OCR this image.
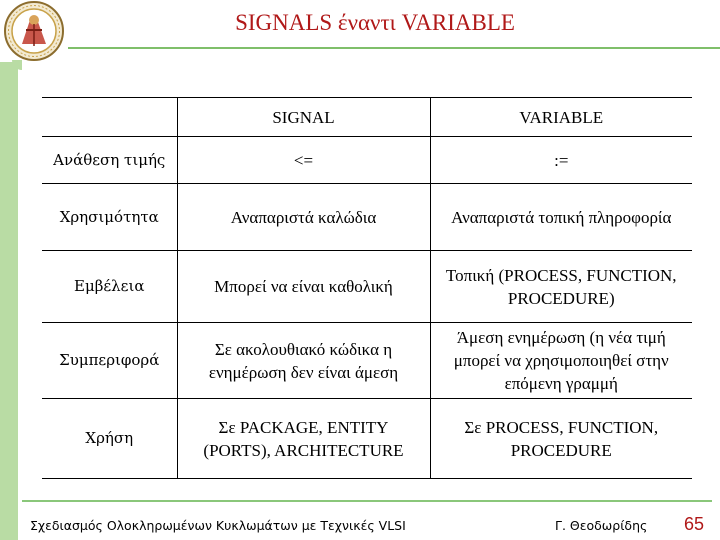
SIGNALS έναντι VARIABLE
	SIGNAL	VARIABLE
Ανάθεση τιμής	<=	:=
Χρησιμότητα	Αναπαριστά καλώδια	Αναπαριστά τοπική πληροφορία
Εμβέλεια	Μπορεί να είναι καθολική	Τοπική (PROCESS, FUNCTION, PROCEDURE)
Συμπεριφορά	Σε ακολουθιακό κώδικα η ενημέρωση δεν είναι άμεση	Άμεση ενημέρωση (η νέα τιμή μπορεί να χρησιμοποιηθεί στην επόμενη γραμμή
Χρήση	Σε PACKAGE, ENTITY (PORTS), ARCHITECTURE	Σε PROCESS, FUNCTION, PROCEDURE
Σχεδιασμός Ολοκληρωμένων Κυκλωμάτων με Τεχνικές VLSI	Γ. Θεοδωρίδης 65
